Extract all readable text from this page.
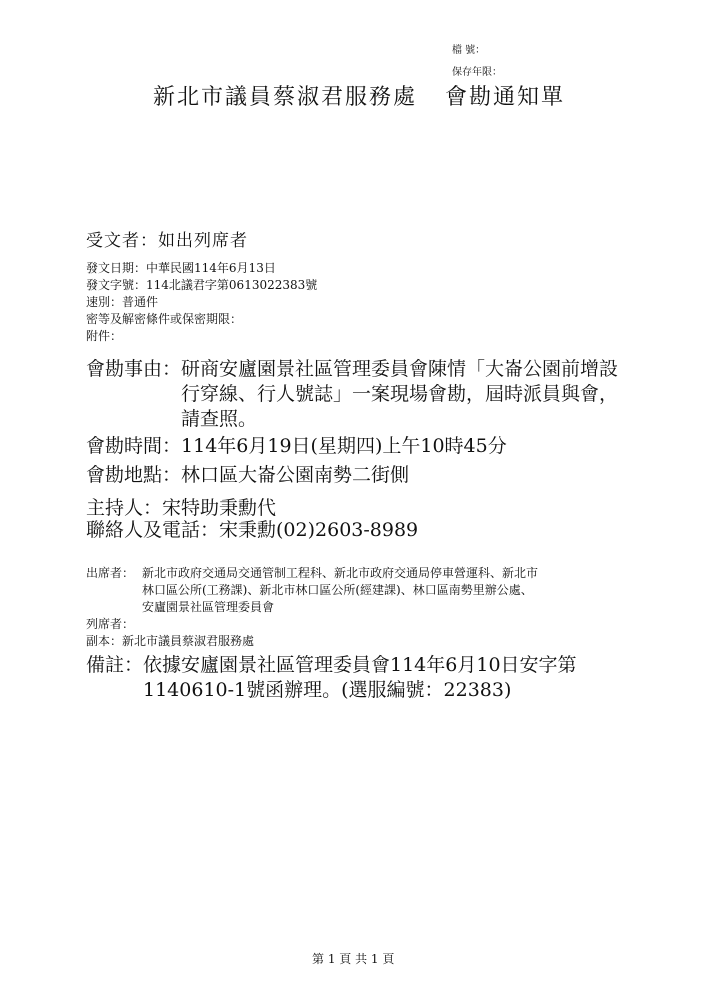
檔 號：
保存年限：
新北市議員蔡淑君服務處 會勘通知單
受文者：如出列席者
發文日期：中華民國114年6月13日
發文字號：114北議君字第0613022383號
速別：普通件
密等及解密條件或保密期限：
附件：
會勘事由： 研商安廬園景社區管理委員會陳情「大崙公園前增設
行穿線、行人號誌」一案現場會勘，屆時派員與會，
請查照。
會勘時間：114年6月19日(星期四)上午10時45分
會勘地點：林口區大崙公園南勢二街側
主持人：宋特助秉勳代
聯絡人及電話：宋秉勳(02)2603-8989
出席者： 新北市政府交通局交通管制工程科、新北市政府交通局停車營運科、新北市
林口區公所(工務課)、新北市林口區公所(經建課)、林口區南勢里辦公處、
安廬園景社區管理委員會
列席者：
副本：新北市議員蔡淑君服務處
備註： 依據安廬園景社區管理委員會114年6月10日安字第
1140610-1號函辦理。(選服編號：22383)
第 1 頁 共 1 頁
